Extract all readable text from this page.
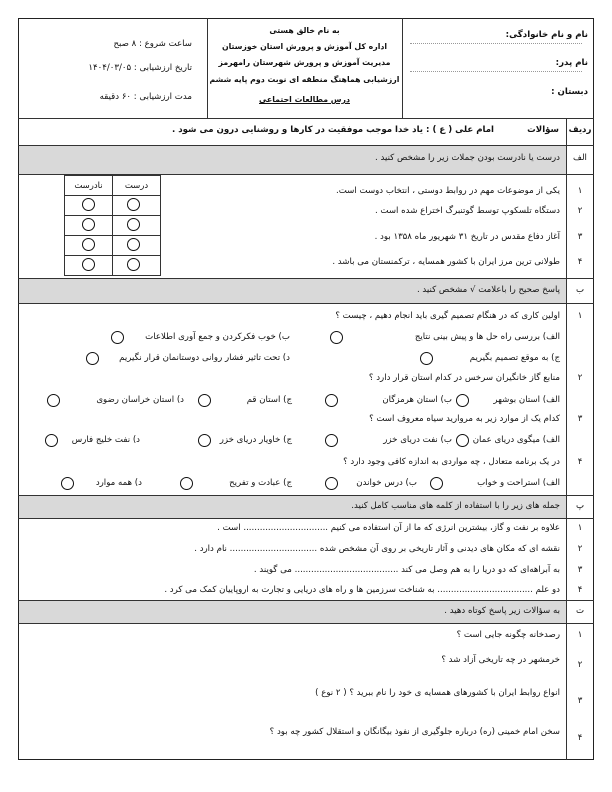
نام و نام خانوادگی:
نام پدر:
دبستان :
به نام خالق هستی
اداره کل آموزش و پرورش استان خوزستان
مدیریت آموزش و پرورش شهرستان رامهرمز
ارزشیابی هماهنگ منطقه ای نوبت دوم پایه ششم
درس مطالعات اجتماعی
ساعت شروع : ۸ صبح
تاریخ ارزشیابی : ۱۴۰۴/۰۳/۰۵
مدت ارزشیابی : ۶۰ دقیقه
ردیف
سؤالات
امام علی ( ع ) : یاد خدا موجب موفقیت در کارها و روشنایی درون می شود .
الف
درست یا نادرست بودن جملات زیر را مشخص کنید .
درست	نادرست

۱
یکی از موضوعات مهم در روابط دوستی ، انتخاب دوست است.
۲
دستگاه تلسکوپ توسط گوتنبرگ اختراع شده است .
۳
آغاز دفاع مقدس در تاریخ ۳۱ شهریور ماه ۱۳۵۸ بود .
۴
طولانی ترین مرز ایران با کشور همسایه ، ترکمنستان می باشد .
ب
پاسخ صحیح را باعلامت √ مشخص کنید .
۱
اولین کاری که در هنگام تصمیم گیری باید انجام دهیم ، چیست ؟
الف) بررسی راه حل ها و پیش بینی نتایج
ب) خوب فکرکردن و جمع آوری اطلاعات
ج) به موقع تصمیم بگیریم
د) تحت تاثیر فشار روانی دوستانمان قرار نگیریم
۲
منابع گاز خانگیران سرخس در کدام استان قرار دارد ؟
الف) استان بوشهر
ب) استان هرمزگان
ج) استان قم
د) استان خراسان رضوی
۳
کدام یک از موارد زیر به مروارید سیاه معروف است ؟
الف) میگوی دریای عمان
ب) نفت دریای خزر
ج) خاویار دریای خزر
د) نفت خلیج فارس
۴
در یک برنامه متعادل ، چه مواردی به اندازه کافی وجود دارد ؟
الف) استراحت و خواب
ب) درس خواندن
ج) عبادت و تفریح
د) همه موارد
پ
جمله های زیر را با استفاده از کلمه های مناسب کامل کنید.
۱
علاوه بر نفت و گاز، بیشترین انرژی که ما از آن استفاده می کنیم ............................... است .
۲
نقشه ای که مکان های دیدنی و آثار تاریخی بر روی آن مشخص شده ................................ نام دارد .
۳
به آبراهه‌ای که دو دریا را به هم وصل می کند ...................................... می گویند .
۴
دو علم ................................... به شناخت سرزمین ها و راه های دریایی و تجارت به اروپاییان کمک می کرد .
ت
به سؤالات زیر پاسخ کوتاه دهید .
۱
رصدخانه چگونه جایی است ؟
۲
خرمشهر در چه تاریخی آزاد شد ؟
۳
انواع روابط ایران با کشورهای همسایه ی خود را نام ببرید ؟ ( ۲ نوع )
۴
سخن امام خمینی (ره) درباره جلوگیری از نفوذ بیگانگان و استقلال کشور چه بود ؟
